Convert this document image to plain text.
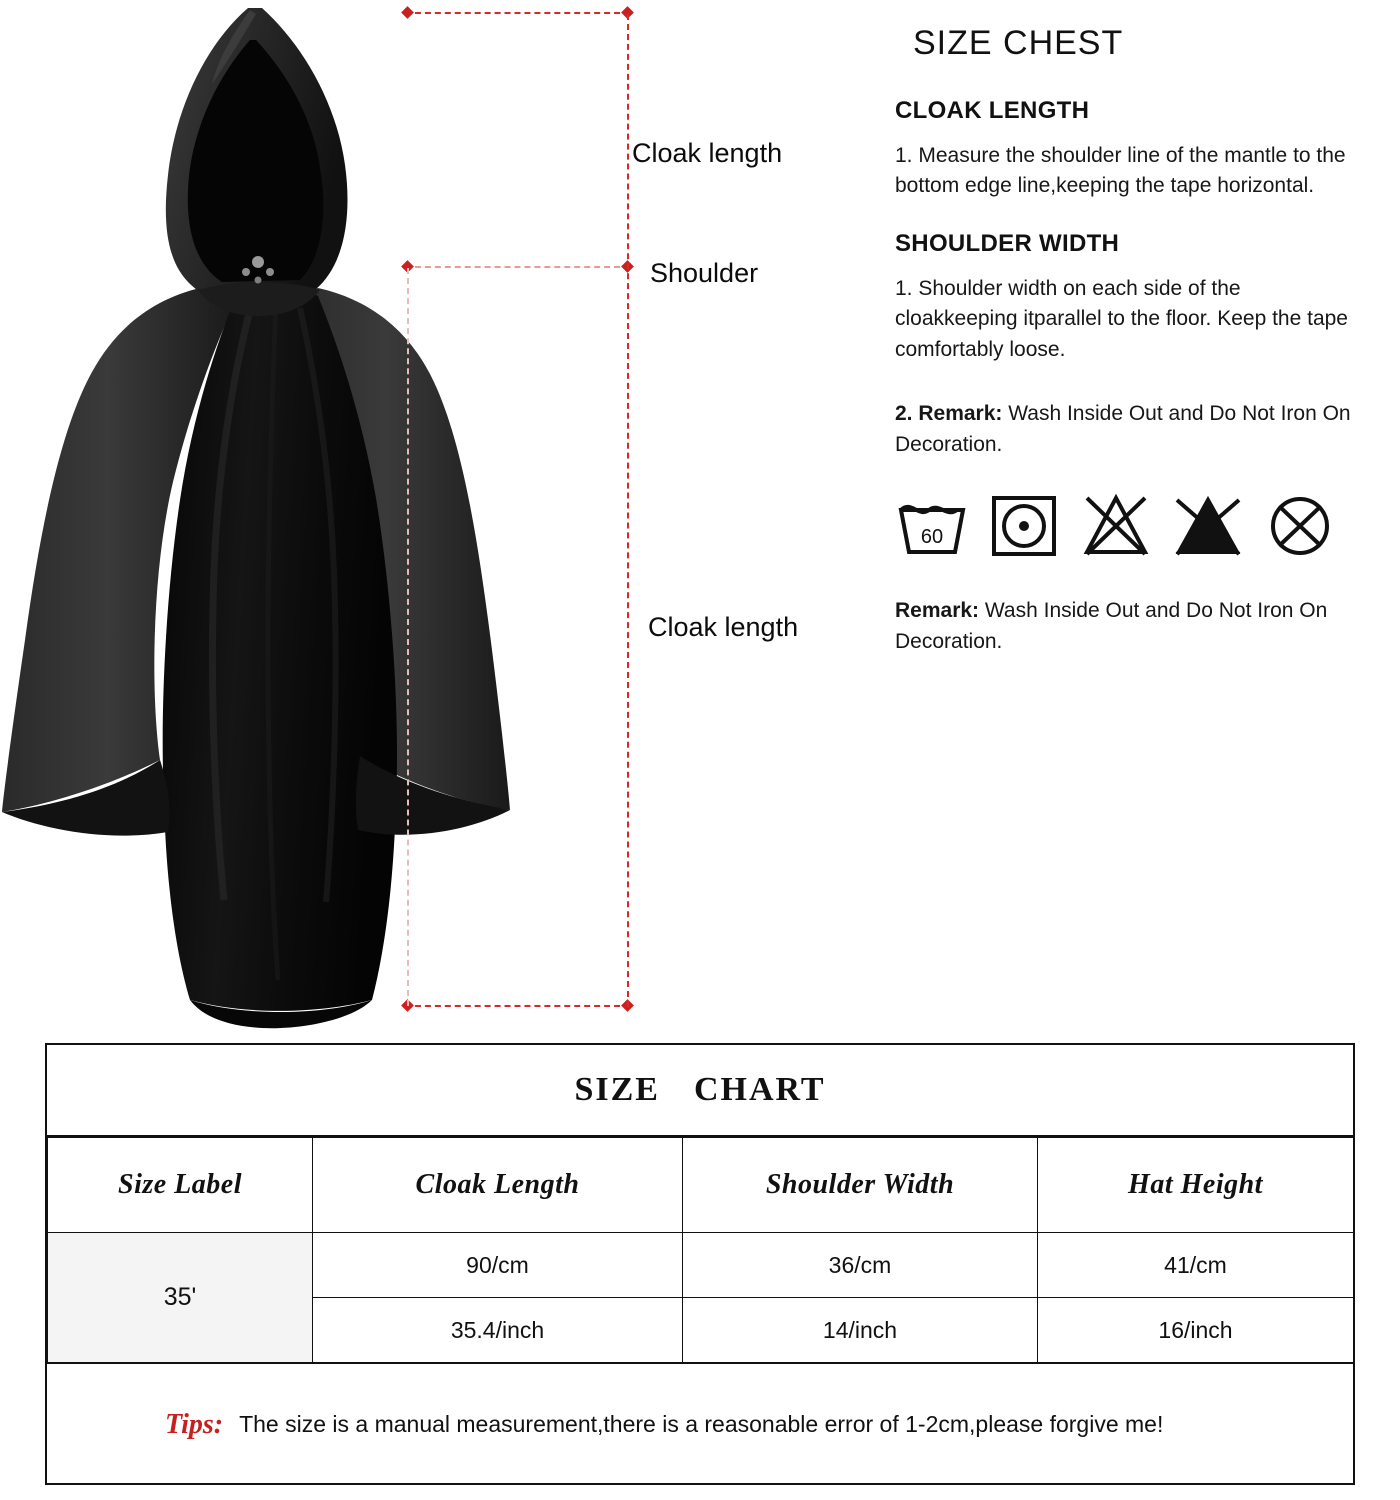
Cloak length
Shoulder
Cloak length
SIZE CHEST
CLOAK LENGTH

1. Measure the shoulder line of the mantle to the bottom edge line,keeping the tape horizontal.

SHOULDER WIDTH

1. Shoulder width on each side of the cloakkeeping itparallel to the floor. Keep the tape comfortably loose.

2. Remark: Wash Inside Out and Do Not Iron On Decoration.

60

Remark: Wash Inside Out and Do Not Iron On Decoration.

SIZE CHART
Size Label	Cloak Length	Shoulder Width	Hat Height
35'	90/cm	36/cm	41/cm
	35.4/inch	14/inch	16/inch
Tips: The size is a manual measurement,there is a reasonable error of 1-2cm,please forgive me!
